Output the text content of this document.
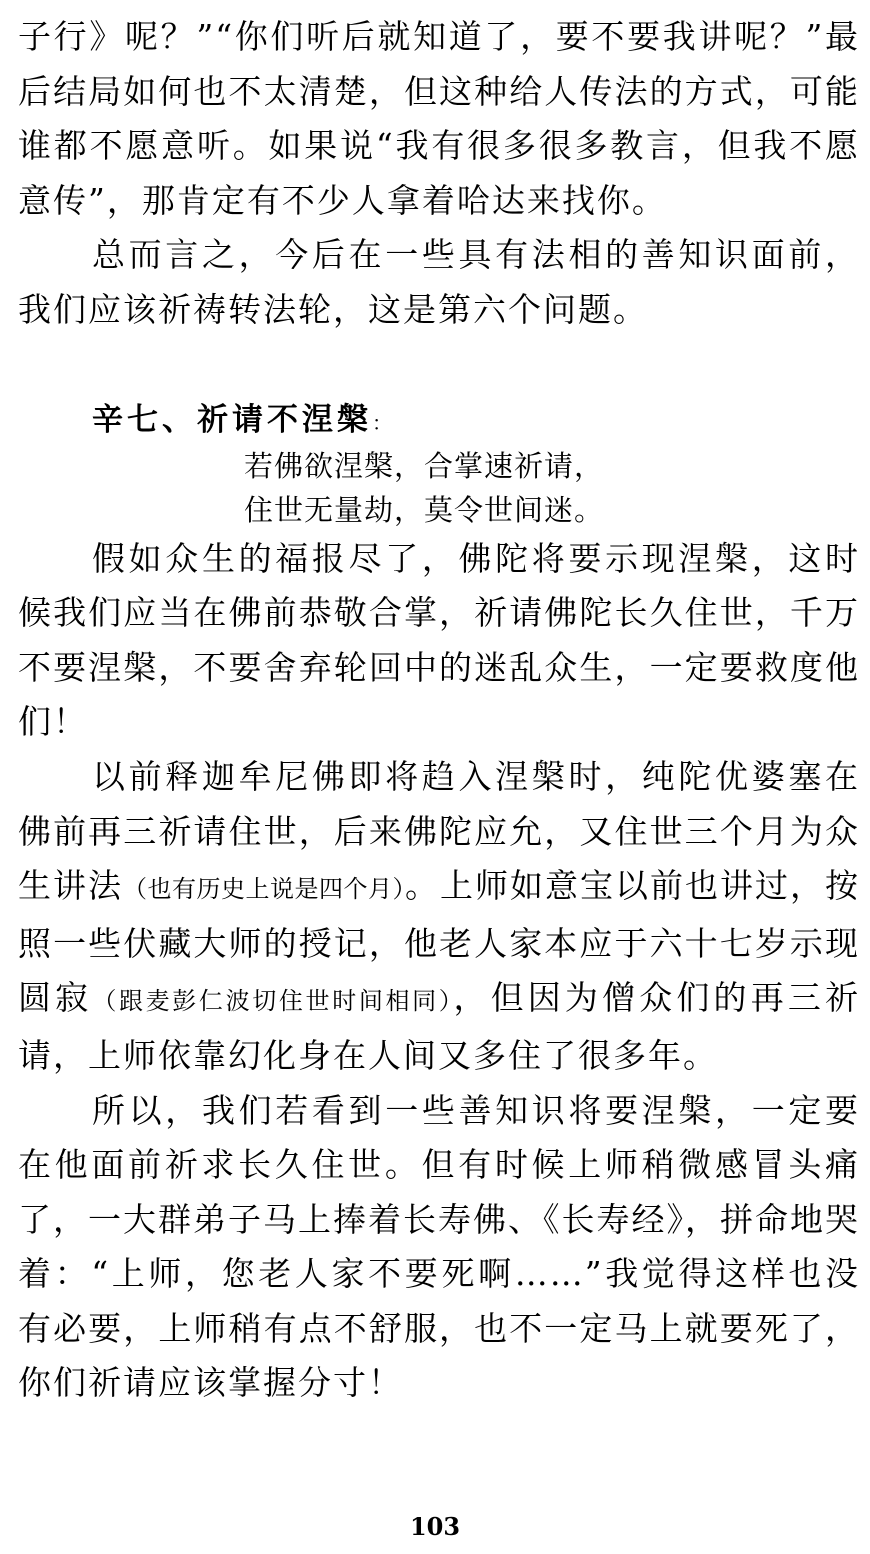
子行》呢？”“你们听后就知道了，要不要我讲呢？”最后结局如何也不太清楚，但这种给人传法的方式，可能谁都不愿意听。如果说“我有很多很多教言，但我不愿意传”，那肯定有不少人拿着哈达来找你。

总而言之，今后在一些具有法相的善知识面前，我们应该祈祷转法轮，这是第六个问题。

辛七、祈请不涅槃：

若佛欲涅槃，合掌速祈请，

住世无量劫，莫令世间迷。

假如众生的福报尽了，佛陀将要示现涅槃，这时候我们应当在佛前恭敬合掌，祈请佛陀长久住世，千万不要涅槃，不要舍弃轮回中的迷乱众生，一定要救度他们！

以前释迦牟尼佛即将趋入涅槃时，纯陀优婆塞在佛前再三祈请住世，后来佛陀应允，又住世三个月为众生讲法（也有历史上说是四个月）。上师如意宝以前也讲过，按照一些伏藏大师的授记，他老人家本应于六十七岁示现圆寂（跟麦彭仁波切住世时间相同），但因为僧众们的再三祈请，上师依靠幻化身在人间又多住了很多年。

所以，我们若看到一些善知识将要涅槃，一定要在他面前祈求长久住世。但有时候上师稍微感冒头痛了，一大群弟子马上捧着长寿佛、《长寿经》，拼命地哭着：“上师，您老人家不要死啊……”我觉得这样也没有必要，上师稍有点不舒服，也不一定马上就要死了，你们祈请应该掌握分寸！

103
